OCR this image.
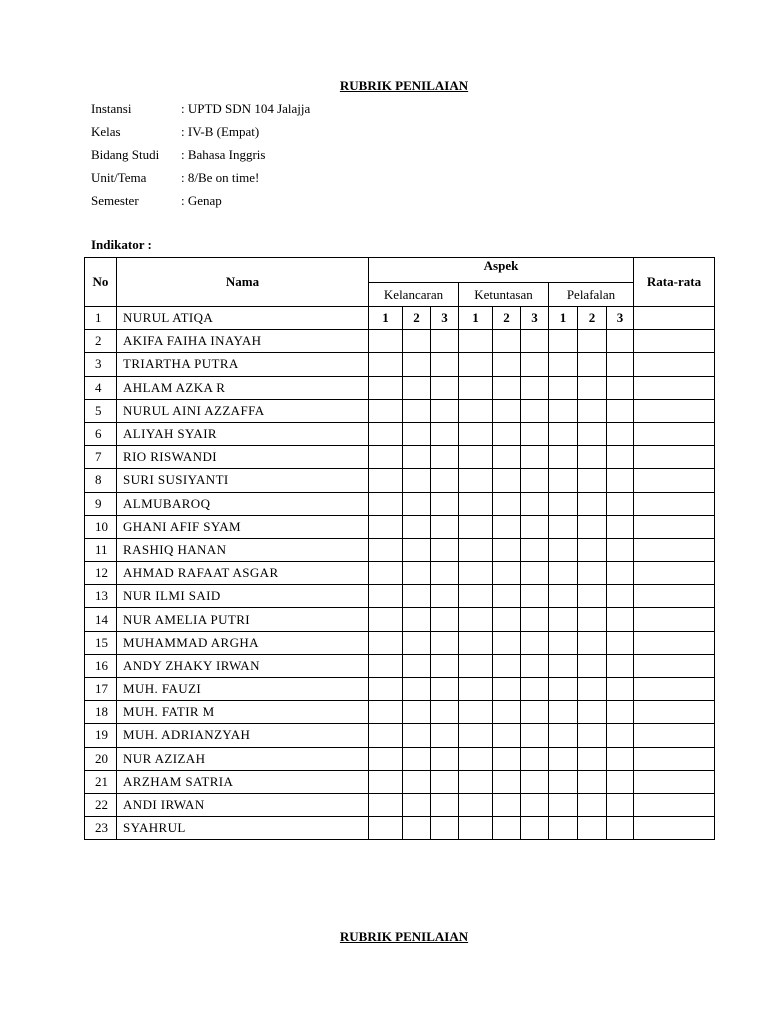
RUBRIK PENILAIAN
Instansi	: UPTD SDN 104 Jalajja
Kelas	: IV-B (Empat)
Bidang Studi	: Bahasa Inggris
Unit/Tema	: 8/Be on time!
Semester	: Genap
Indikator :
No	Nama	Aspek									Rata-rata
		Kelancaran			Ketuntasan			Pelafalan			
1	NURUL ATIQA	1	2	3	1	2	3	1	2	3	
2	AKIFA FAIHA INAYAH										
3	TRIARTHA PUTRA										
4	AHLAM AZKA R										
5	NURUL AINI AZZAFFA										
6	ALIYAH SYAIR										
7	RIO RISWANDI										
8	SURI SUSIYANTI										
9	ALMUBAROQ										
10	GHANI AFIF SYAM										
11	RASHIQ HANAN										
12	AHMAD RAFAAT ASGAR										
13	NUR ILMI SAID										
14	NUR AMELIA PUTRI										
15	MUHAMMAD ARGHA										
16	ANDY ZHAKY IRWAN										
17	MUH. FAUZI										
18	MUH. FATIR M										
19	MUH. ADRIANZYAH										
20	NUR AZIZAH										
21	ARZHAM SATRIA										
22	ANDI IRWAN										
23	SYAHRUL										
RUBRIK PENILAIAN
